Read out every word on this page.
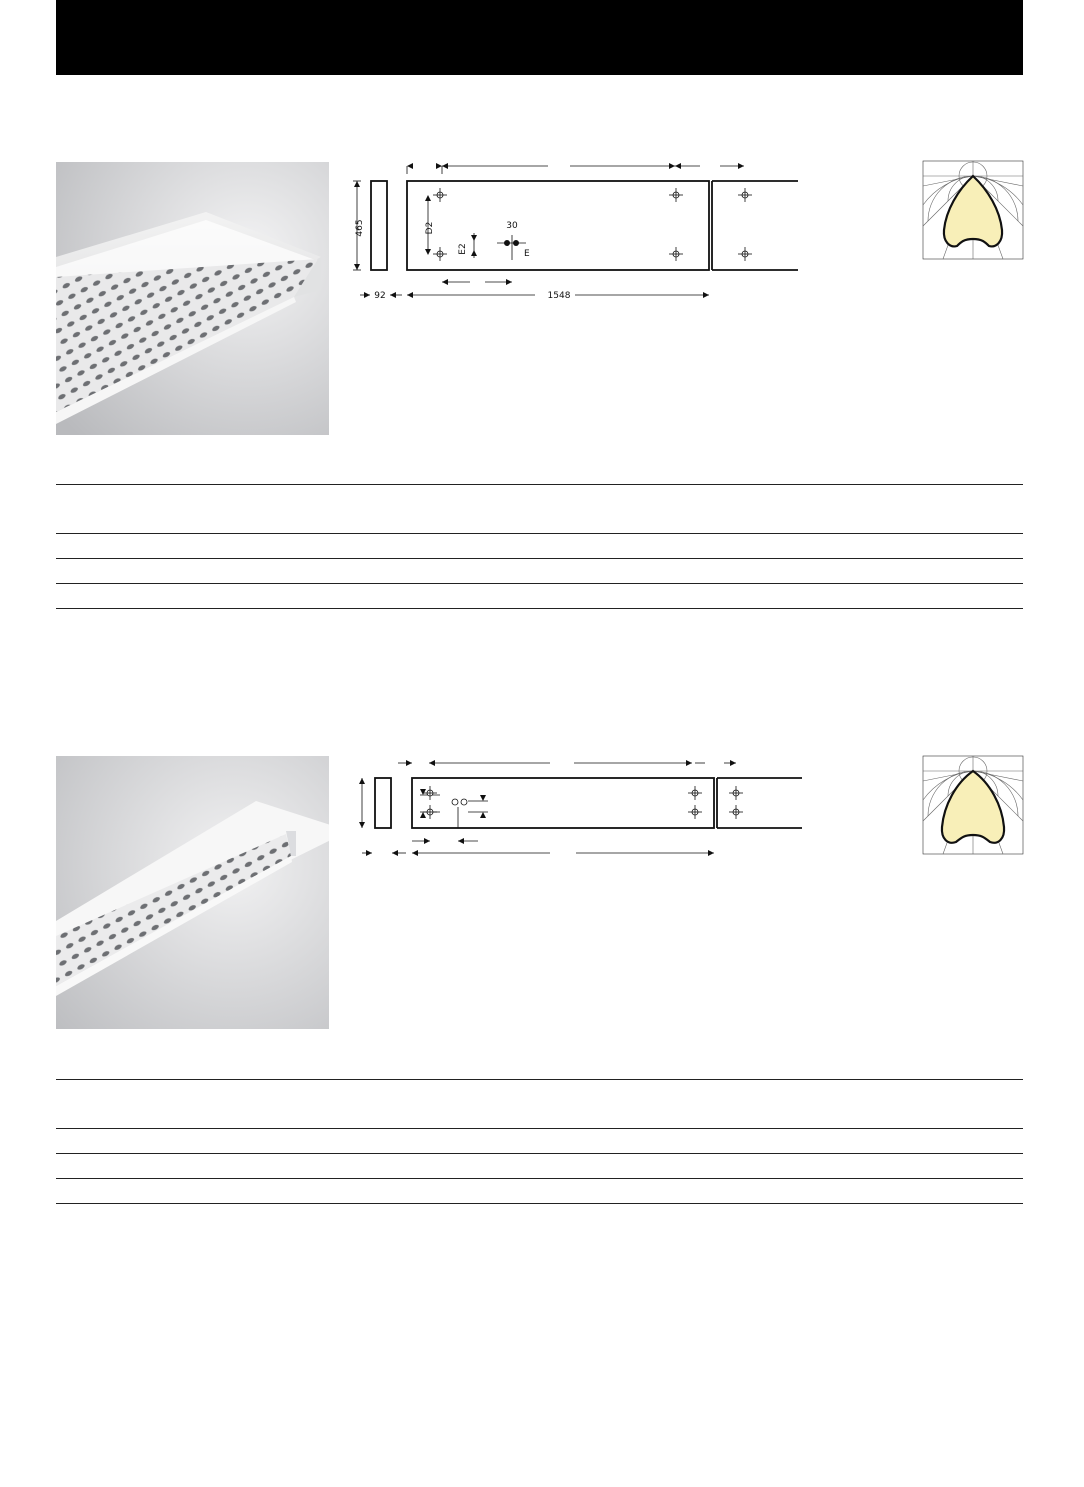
465
92	1548
30
D2
E2	E
